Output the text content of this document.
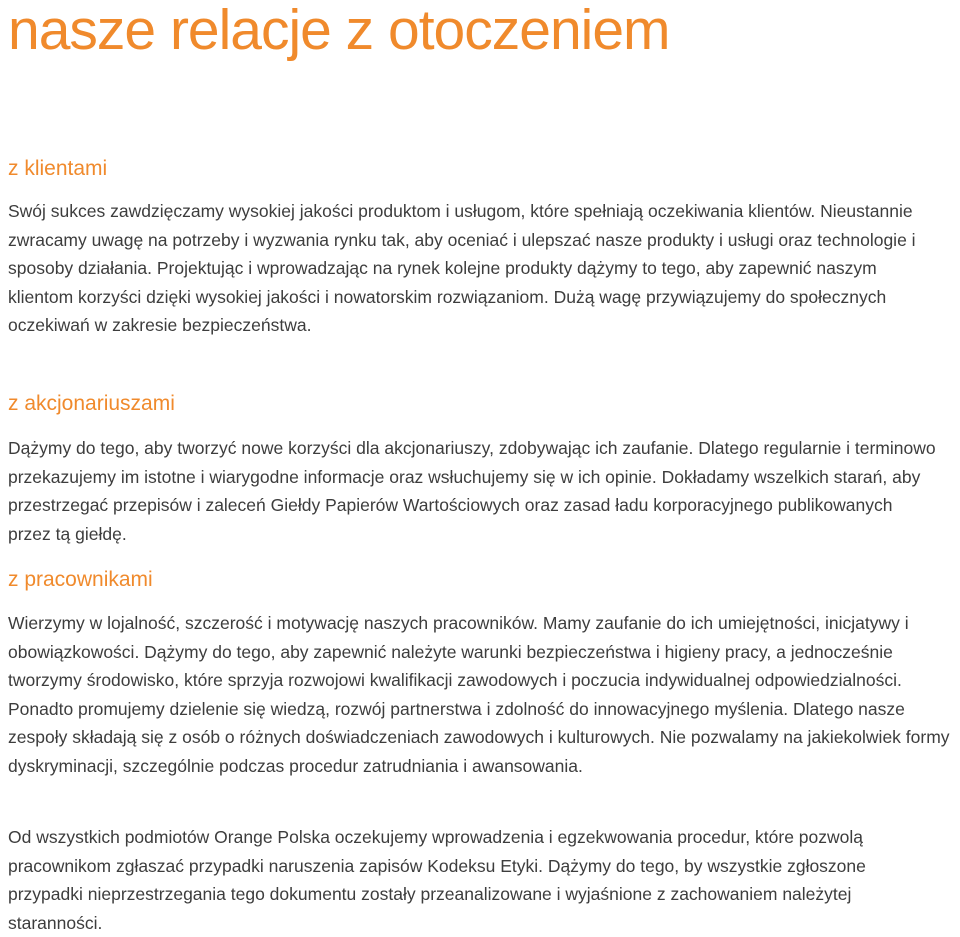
nasze relacje z otoczeniem
z klientami

Swój sukces zawdzięczamy wysokiej jakości produktom i usługom, które spełniają oczekiwania klientów. Nieustannie zwracamy uwagę na potrzeby i wyzwania rynku tak, aby oceniać i ulepszać nasze produkty i usługi oraz technologie i sposoby działania. Projektując i wprowadzając na rynek kolejne produkty dążymy to tego, aby zapewnić naszym klientom korzyści dzięki wysokiej jakości i nowatorskim rozwiązaniom. Dużą wagę przywiązujemy do społecznych oczekiwań w zakresie bezpieczeństwa.

z akcjonariuszami

Dążymy do tego, aby tworzyć nowe korzyści dla akcjonariuszy, zdobywając ich zaufanie. Dlatego regularnie i terminowo przekazujemy im istotne i wiarygodne informacje oraz wsłuchujemy się w ich opinie. Dokładamy wszelkich starań, aby przestrzegać przepisów i zaleceń Giełdy Papierów Wartościowych oraz zasad ładu korporacyjnego publikowanych przez tą giełdę.

z pracownikami

Wierzymy w lojalność, szczerość i motywację naszych pracowników. Mamy zaufanie do ich umiejętności, inicjatywy i obowiązkowości. Dążymy do tego, aby zapewnić należyte warunki bezpieczeństwa i higieny pracy, a jednocześnie tworzymy środowisko, które sprzyja rozwojowi kwalifikacji zawodowych i poczucia indywidualnej odpowiedzialności. Ponadto promujemy dzielenie się wiedzą, rozwój partnerstwa i zdolność do innowacyjnego myślenia. Dlatego nasze zespoły składają się z osób o różnych doświadczeniach zawodowych i kulturowych. Nie pozwalamy na jakiekolwiek formy dyskryminacji, szczególnie podczas procedur zatrudniania i awansowania.

Od wszystkich podmiotów Orange Polska oczekujemy wprowadzenia i egzekwowania procedur, które pozwolą pracownikom zgłaszać przypadki naruszenia zapisów Kodeksu Etyki. Dążymy do tego, by wszystkie zgłoszone przypadki nieprzestrzegania tego dokumentu zostały przeanalizowane i wyjaśnione z zachowaniem należytej staranności.
